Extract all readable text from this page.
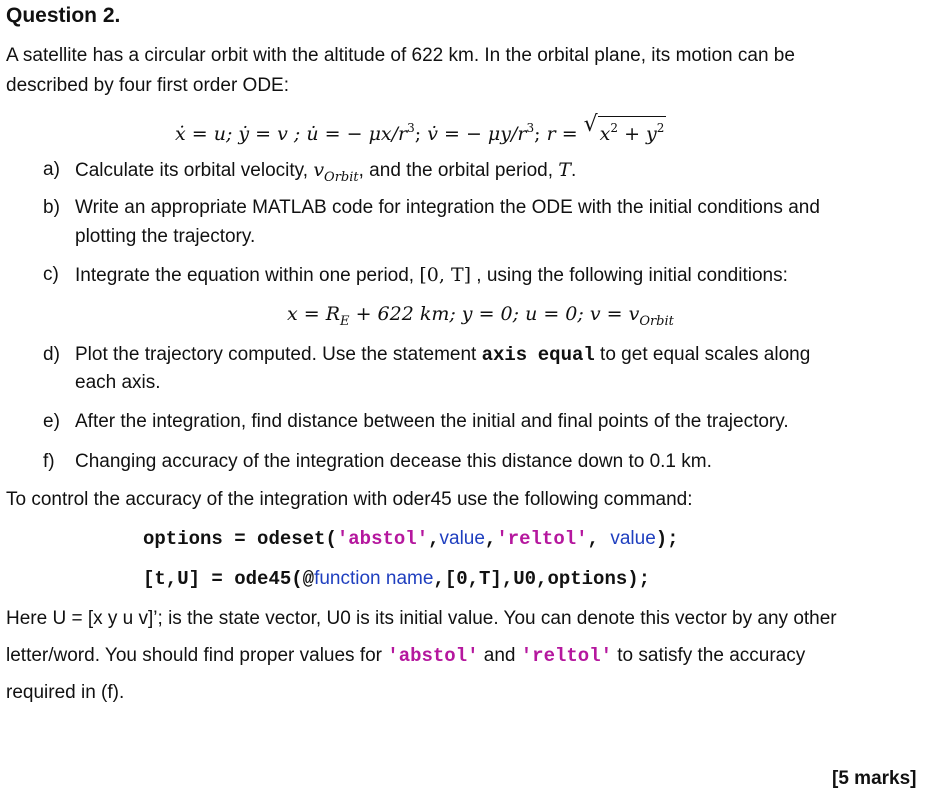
Question 2.
A satellite has a circular orbit with the altitude of 622 km. In the orbital plane, its motion can be
described by four first order ODE:
ẋ = u; ẏ = v ; u̇ = − $\mu x/r^3$; v̇ = − $\mu y/r^3$; r = √ $x^2 + y^2$
a) Calculate its orbital velocity, $v_{Orbit}$, and the orbital period, T.
b) Write an appropriate MATLAB code for integration the ODE with the initial conditions and
plotting the trajectory.
c) Integrate the equation within one period, [0, T] , using the following initial conditions:
$x = R_E + 622$ km; y = 0; u = 0; $v = v_{Orbit}$
d) Plot the trajectory computed. Use the statement axis equal to get equal scales along
each axis.
e) After the integration, find distance between the initial and final points of the trajectory.
f) Changing accuracy of the integration decease this distance down to 0.1 km.
To control the accuracy of the integration with oder45 use the following command:
options = odeset('abstol',value,'reltol', value);
[t,U] = ode45(@function name,[0,T],U0,options);
Here U = [x y u v]’; is the state vector, U0 is its initial value. You can denote this vector by any other
letter/word. You should find proper values for 'abstol' and 'reltol' to satisfy the accuracy
required in (f).
[5 marks]
